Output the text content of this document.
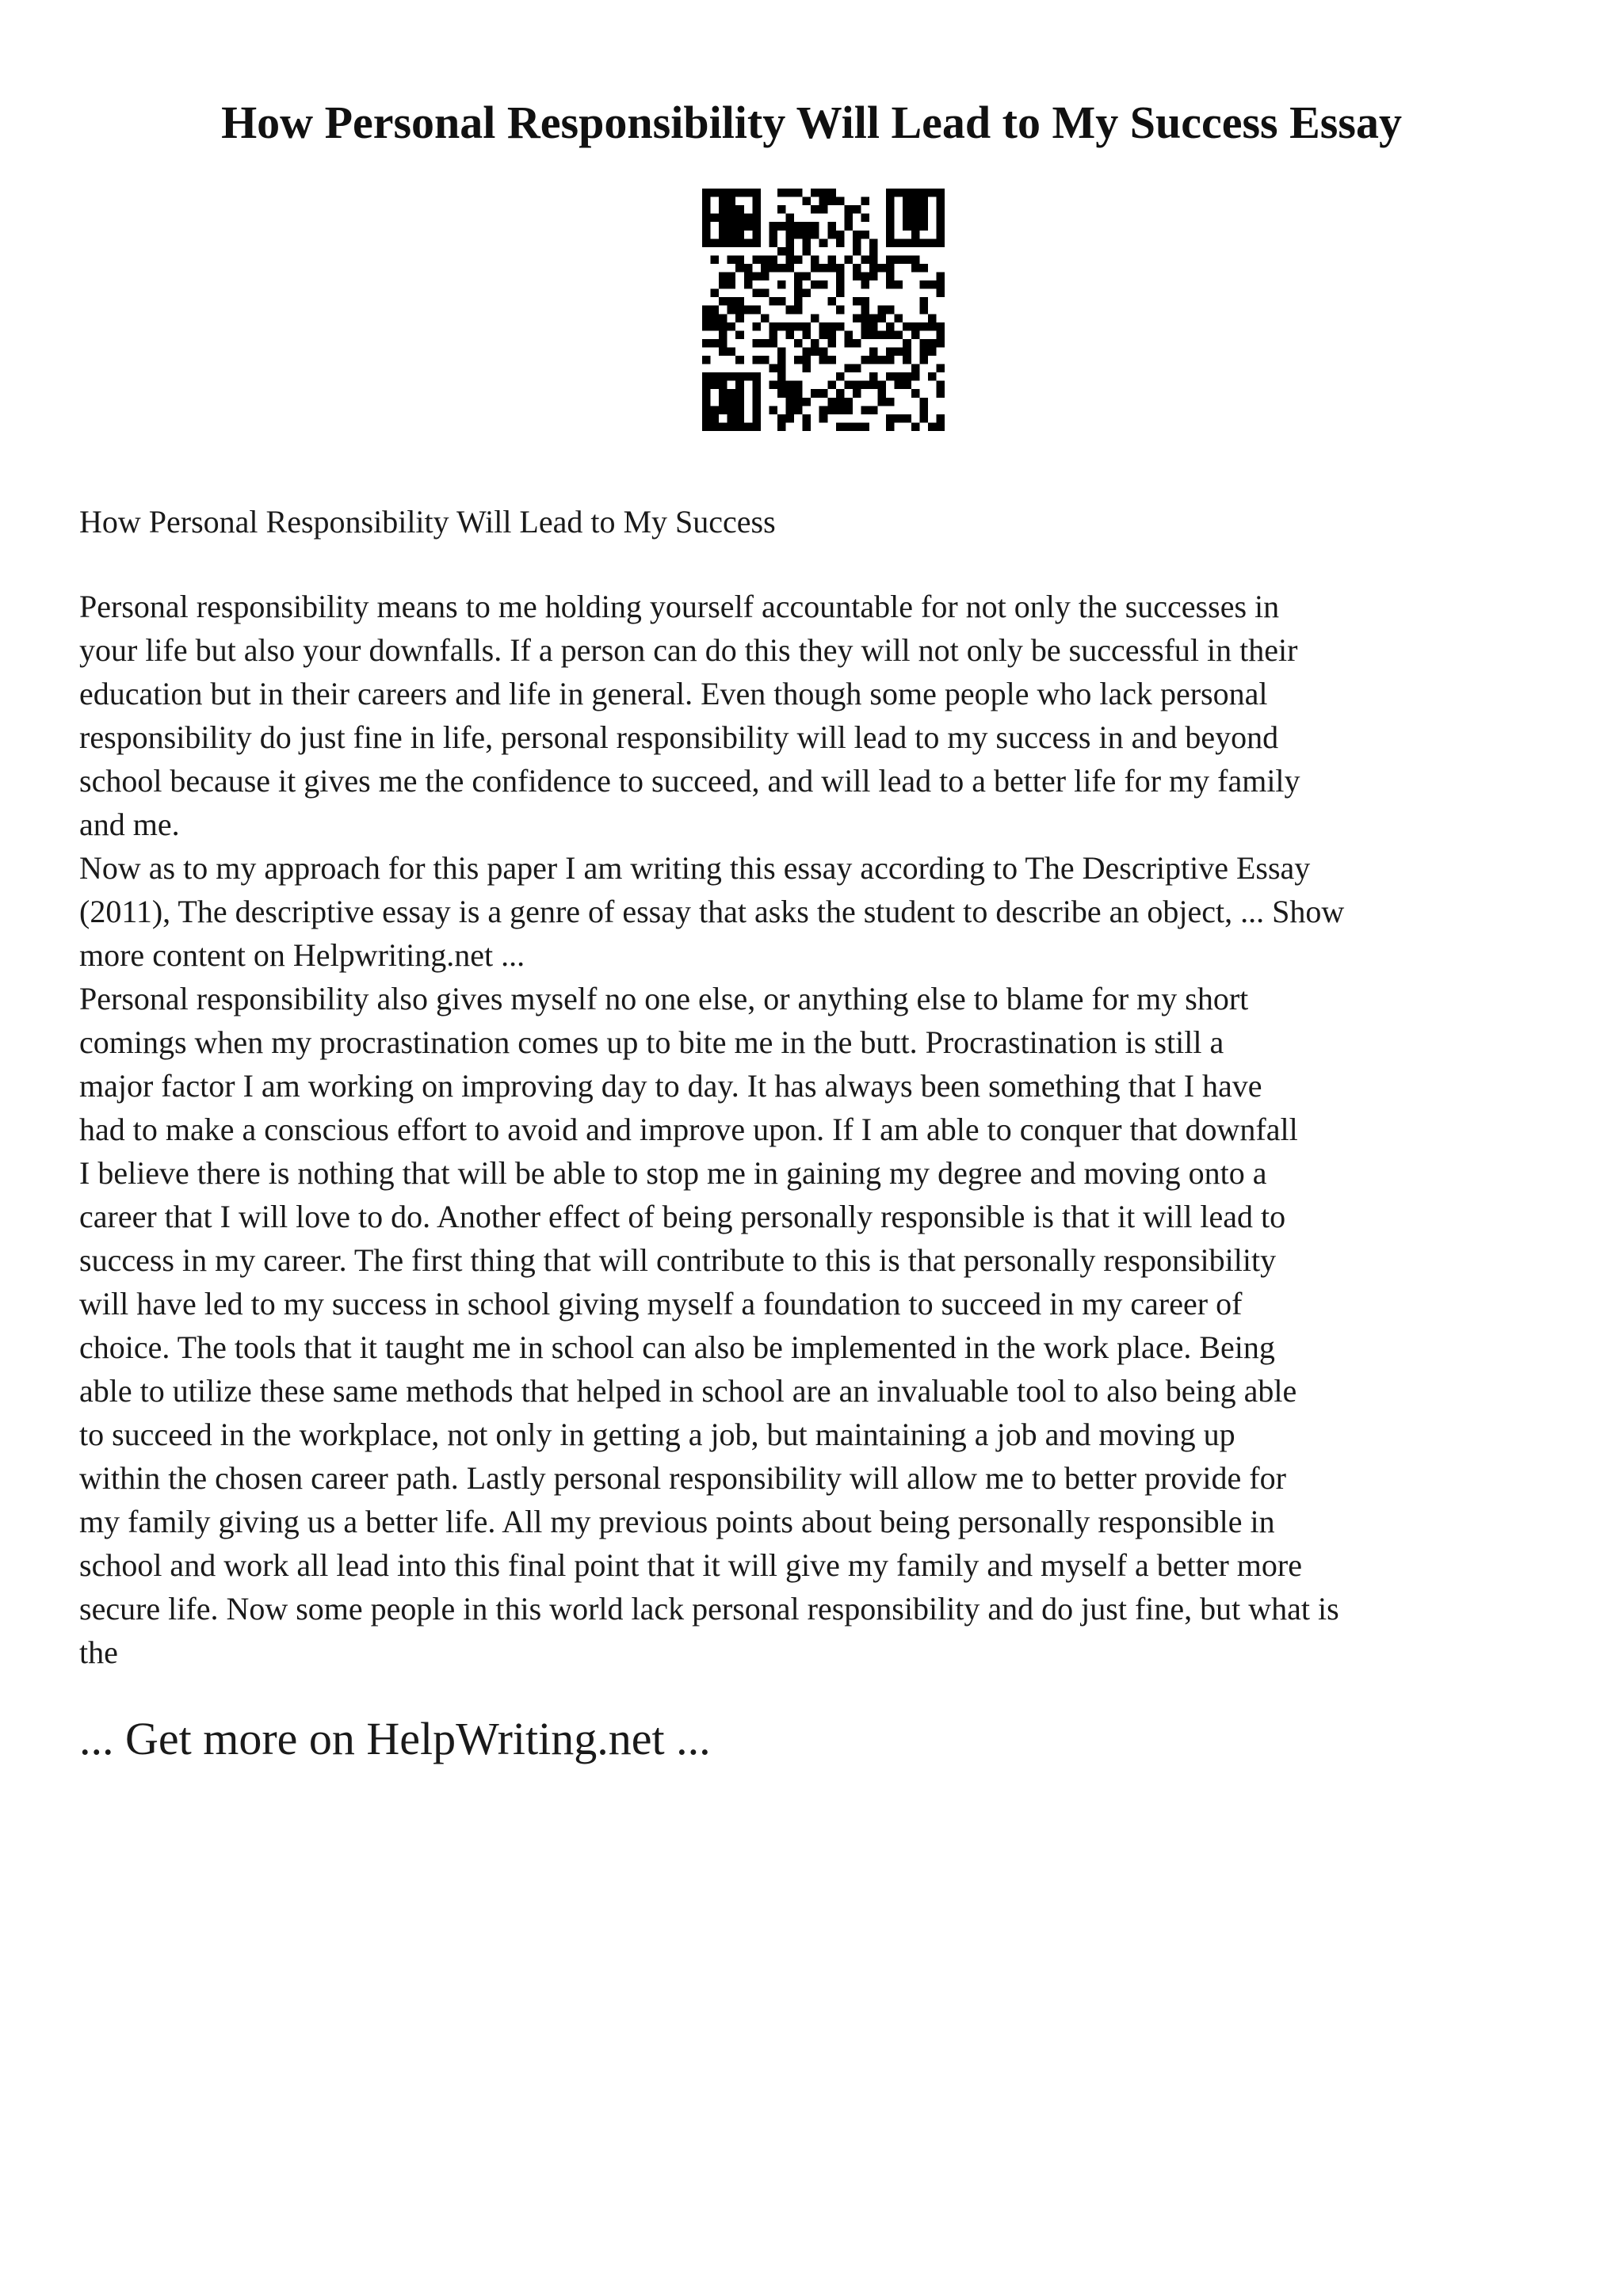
How Personal Responsibility Will Lead to My Success Essay

How Personal Responsibility Will Lead to My Success

Personal responsibility means to me holding yourself accountable for not only the successes in
your life but also your downfalls. If a person can do this they will not only be successful in their
education but in their careers and life in general. Even though some people who lack personal
responsibility do just fine in life, personal responsibility will lead to my success in and beyond
school because it gives me the confidence to succeed, and will lead to a better life for my family
and me.
Now as to my approach for this paper I am writing this essay according to The Descriptive Essay
(2011), The descriptive essay is a genre of essay that asks the student to describe an object, ... Show
more content on Helpwriting.net ...
Personal responsibility also gives myself no one else, or anything else to blame for my short
comings when my procrastination comes up to bite me in the butt. Procrastination is still a
major factor I am working on improving day to day. It has always been something that I have
had to make a conscious effort to avoid and improve upon. If I am able to conquer that downfall
I believe there is nothing that will be able to stop me in gaining my degree and moving onto a
career that I will love to do. Another effect of being personally responsible is that it will lead to
success in my career. The first thing that will contribute to this is that personally responsibility
will have led to my success in school giving myself a foundation to succeed in my career of
choice. The tools that it taught me in school can also be implemented in the work place. Being
able to utilize these same methods that helped in school are an invaluable tool to also being able
to succeed in the workplace, not only in getting a job, but maintaining a job and moving up
within the chosen career path. Lastly personal responsibility will allow me to better provide for
my family giving us a better life. All my previous points about being personally responsible in
school and work all lead into this final point that it will give my family and myself a better more
secure life. Now some people in this world lack personal responsibility and do just fine, but what is
the

... Get more on HelpWriting.net ...
